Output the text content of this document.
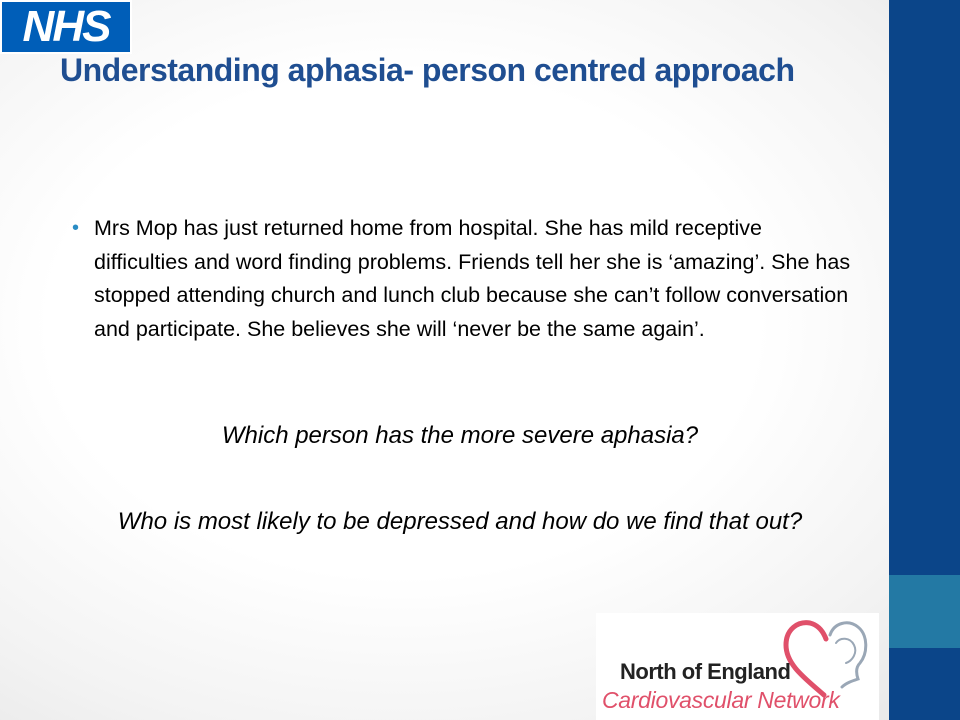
NHS
Understanding aphasia- person centred approach
• Mrs Mop has just returned home from hospital. She has mild receptive difficulties and word finding problems. Friends tell her she is ‘amazing’. She has stopped attending church and lunch club because she can’t follow conversation and participate. She believes she will ‘never be the same again’.
Which person has the more severe aphasia?
Who is most likely to be depressed and how do we find that out?
North of England
Cardiovascular Network
